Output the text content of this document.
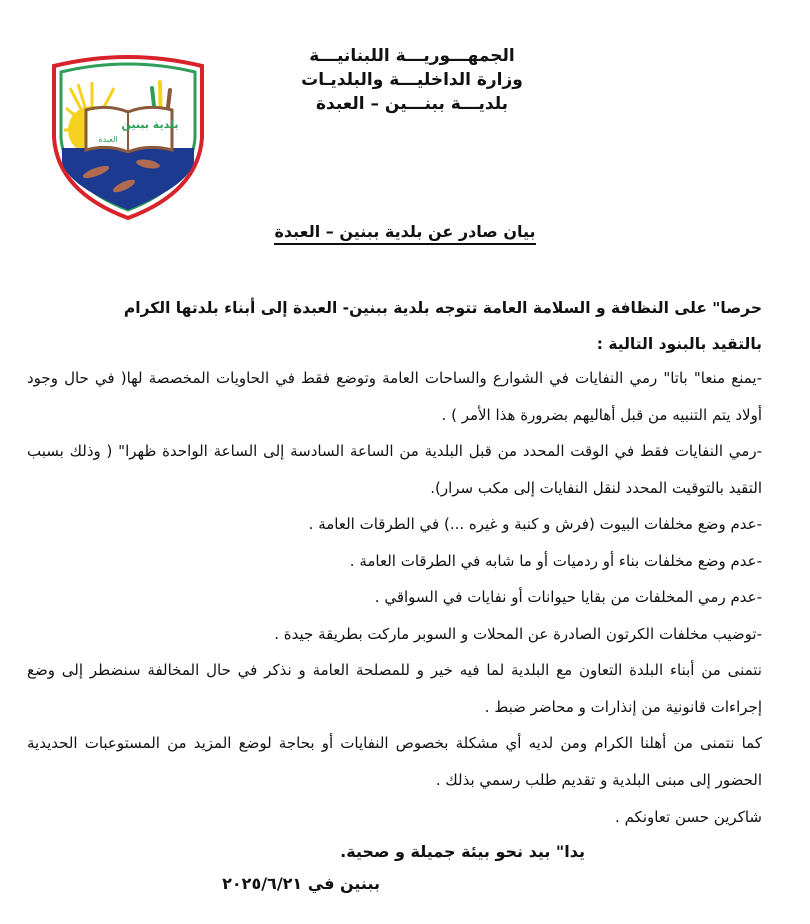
الجمهـــوريـــة اللبنانيـــة
وزارة الداخليـــة والبلديـات
بلديـــة ببنـــين – العبدة
بلدية ببنين
العبدة
بيان صادر عن بلدية ببنين – العبدة
حرصا" على النظافة و السلامة العامة تتوجه بلدية ببنين- العبدة إلى أبناء بلدتها الكرام
بالتقيد بالبنود التالية :

-يمنع منعا" باتا" رمي النفايات في الشوارع والساحات العامة وتوضع فقط في الحاويات المخصصة لها( في حال وجود أولاد يتم التنبيه من قبل أهاليهم بضرورة هذا الأمر ) .

-رمي النفايات فقط في الوقت المحدد من قبل البلدية من الساعة السادسة إلى الساعة الواحدة ظهرا" ( وذلك بسبب التقيد بالتوقيت المحدد لنقل النفايات إلى مكب سرار).

-عدم وضع مخلفات البيوت (فرش و كنبة و غيره ...) في الطرقات العامة .

-عدم وضع مخلفات بناء أو ردميات أو ما شابه في الطرقات العامة .

-عدم رمي المخلفات من بقايا حيوانات أو نفايات في السواقي .

-توضيب مخلفات الكرتون الصادرة عن المحلات و السوبر ماركت بطريقة جيدة .

نتمنى من أبناء البلدة التعاون مع البلدية لما فيه خير و للمصلحة العامة و نذكر في حال المخالفة سنضطر إلى وضع إجراءات قانونية من إنذارات و محاضر ضبط .

كما نتمنى من أهلنا الكرام ومن لديه أي مشكلة بخصوص النفايات أو بحاجة لوضع المزيد من المستوعبات الحديدية الحضور إلى مبنى البلدية و تقديم طلب رسمي بذلك .

شاكرين حسن تعاونكم .
يدا" بيد نحو بيئة جميلة و صحية.
ببنين في ٢٠٢٥/٦/٢١
